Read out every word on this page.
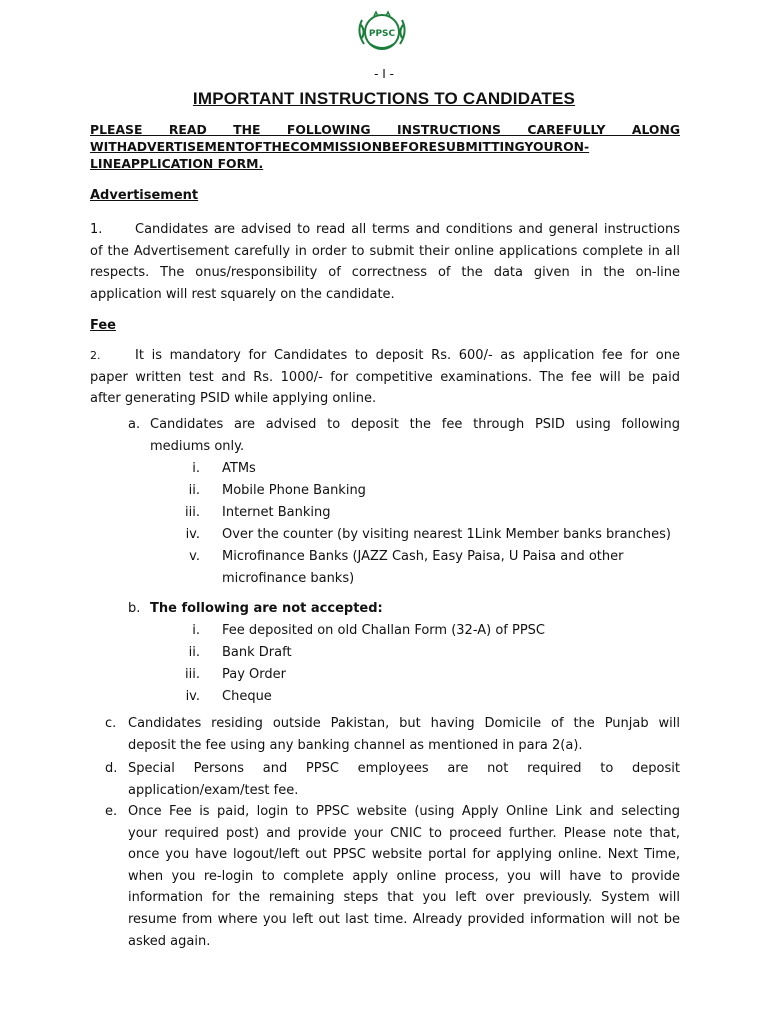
PPSC
- I -
IMPORTANT INSTRUCTIONS TO CANDIDATES
PLEASE READ THE FOLLOWING INSTRUCTIONS CAREFULLY ALONG
WITHADVERTISEMENTOFTHECOMMISSIONBEFORESUBMITTINGYOURON-
LINEAPPLICATION FORM.
Advertisement
1.	Candidates are advised to read all terms and conditions and general instructions
of the Advertisement carefully in order to submit their online applications complete in all
respects. The onus/responsibility of correctness of the data given in the on-line
application will rest squarely on the candidate.
Fee
2.	It is mandatory for Candidates to deposit Rs. 600/- as application fee for one
paper written test and Rs. 1000/- for competitive examinations. The fee will be paid
after generating PSID while applying online.
a. Candidates are advised to deposit the fee through PSID using following
mediums only.
i. ATMs
ii. Mobile Phone Banking
iii. Internet Banking
iv. Over the counter (by visiting nearest 1Link Member banks branches)
v. Microfinance Banks (JAZZ Cash, Easy Paisa, U Paisa and other
microfinance banks)
b. The following are not accepted:
i. Fee deposited on old Challan Form (32-A) of PPSC
ii. Bank Draft
iii. Pay Order
iv. Cheque
c. Candidates residing outside Pakistan, but having Domicile of the Punjab will
deposit the fee using any banking channel as mentioned in para 2(a).
d. Special Persons and PPSC employees are not required to deposit
application/exam/test fee.
e. Once Fee is paid, login to PPSC website (using Apply Online Link and selecting
your required post) and provide your CNIC to proceed further. Please note that,
once you have logout/left out PPSC website portal for applying online. Next Time,
when you re-login to complete apply online process, you will have to provide
information for the remaining steps that you left over previously. System will
resume from where you left out last time. Already provided information will not be
asked again.
